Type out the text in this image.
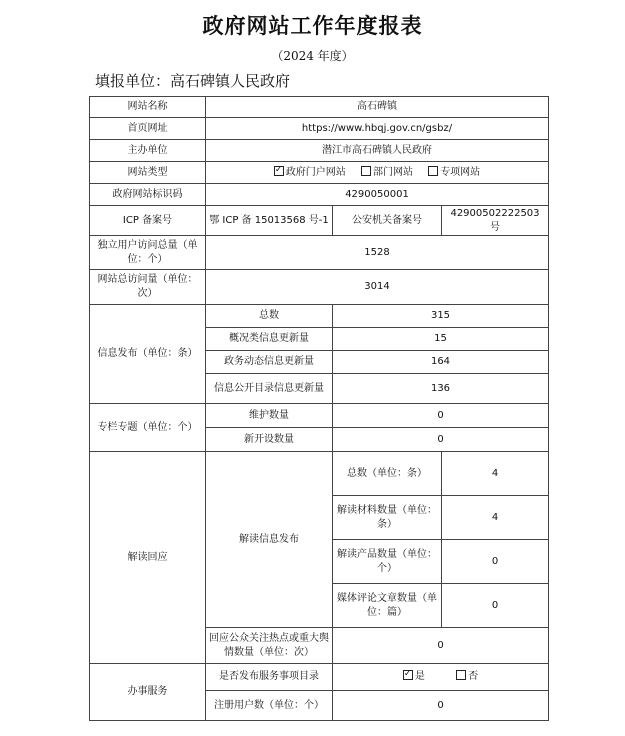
政府网站工作年度报表
（2024 年度）
填报单位：高石碑镇人民政府
网站名称	高石碑镇		
首页网址	https://www.hbqj.gov.cn/gsbz/		
主办单位	潜江市高石碑镇人民政府		
网站类型	✓政府门户网站 部门网站 专项网站
政府网站标识码	4290050001		
ICP 备案号	鄂 ICP 备 15013568 号-1	公安机关备案号	42900502222503 号
独立用户访问总量（单位：个）	1528		
网站总访问量（单位：次）	3014		
信息发布（单位：条）	总数	315	
	概况类信息更新量	15	
	政务动态信息更新量	164	
	信息公开目录信息更新量	136	
专栏专题（单位：个）	维护数量	0	
	新开设数量	0	
解读回应	解读信息发布	总数（单位：条）	4
		解读材料数量（单位：条）	4
		解读产品数量（单位：个）	0
		媒体评论文章数量（单位：篇）	0
	回应公众关注热点或重大舆情数量（单位：次）	0	
办事服务	是否发布服务事项目录	✓是 否
	注册用户数（单位：个）	0	
